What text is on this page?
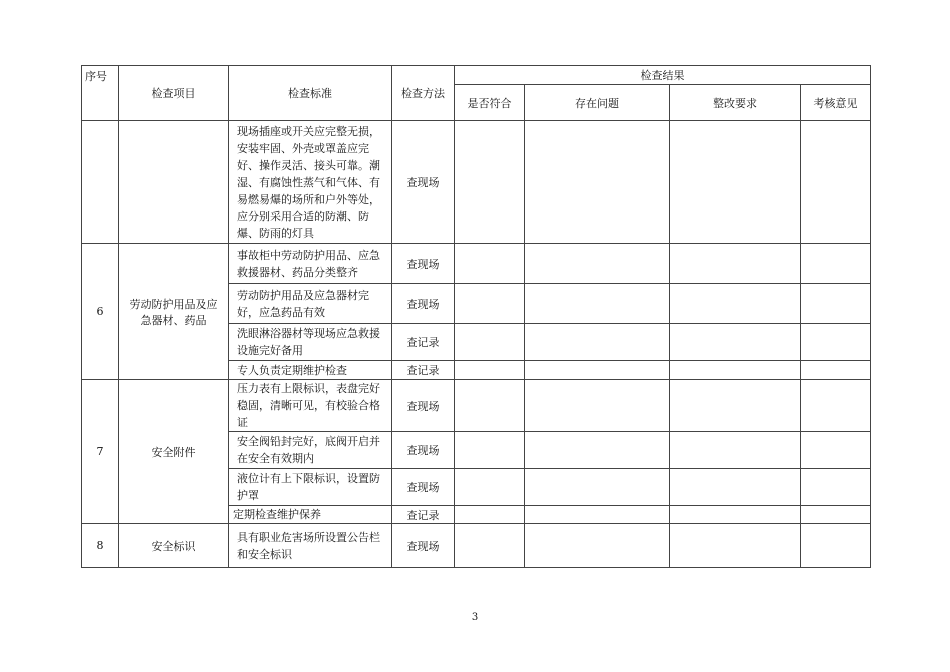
序号	检查项目	检查标准	检查方法	检查结果			
				是否符合	存在问题	整改要求	考核意见
		现场插座或开关应完整无损，安装牢固、外壳或罩盖应完好、操作灵活、接头可靠。潮湿、有腐蚀性蒸气和气体、有易燃易爆的场所和户外等处，应分别采用合适的防潮、防爆、防雨的灯具	查现场				
6	劳动防护用品及应急器材、药品	事故柜中劳动防护用品、应急救援器材、药品分类整齐	查现场				
		劳动防护用品及应急器材完好，应急药品有效	查现场				
		洗眼淋浴器材等现场应急救援设施完好备用	查记录				
		专人负责定期维护检查	查记录				
7	安全附件	压力表有上限标识，表盘完好稳固，清晰可见，有校验合格证	查现场				
		安全阀铅封完好，底阀开启并在安全有效期内	查现场				
		液位计有上下限标识，设置防护罩	查现场				
		定期检查维护保养	查记录				
8	安全标识	具有职业危害场所设置公告栏和安全标识	查现场				
3
